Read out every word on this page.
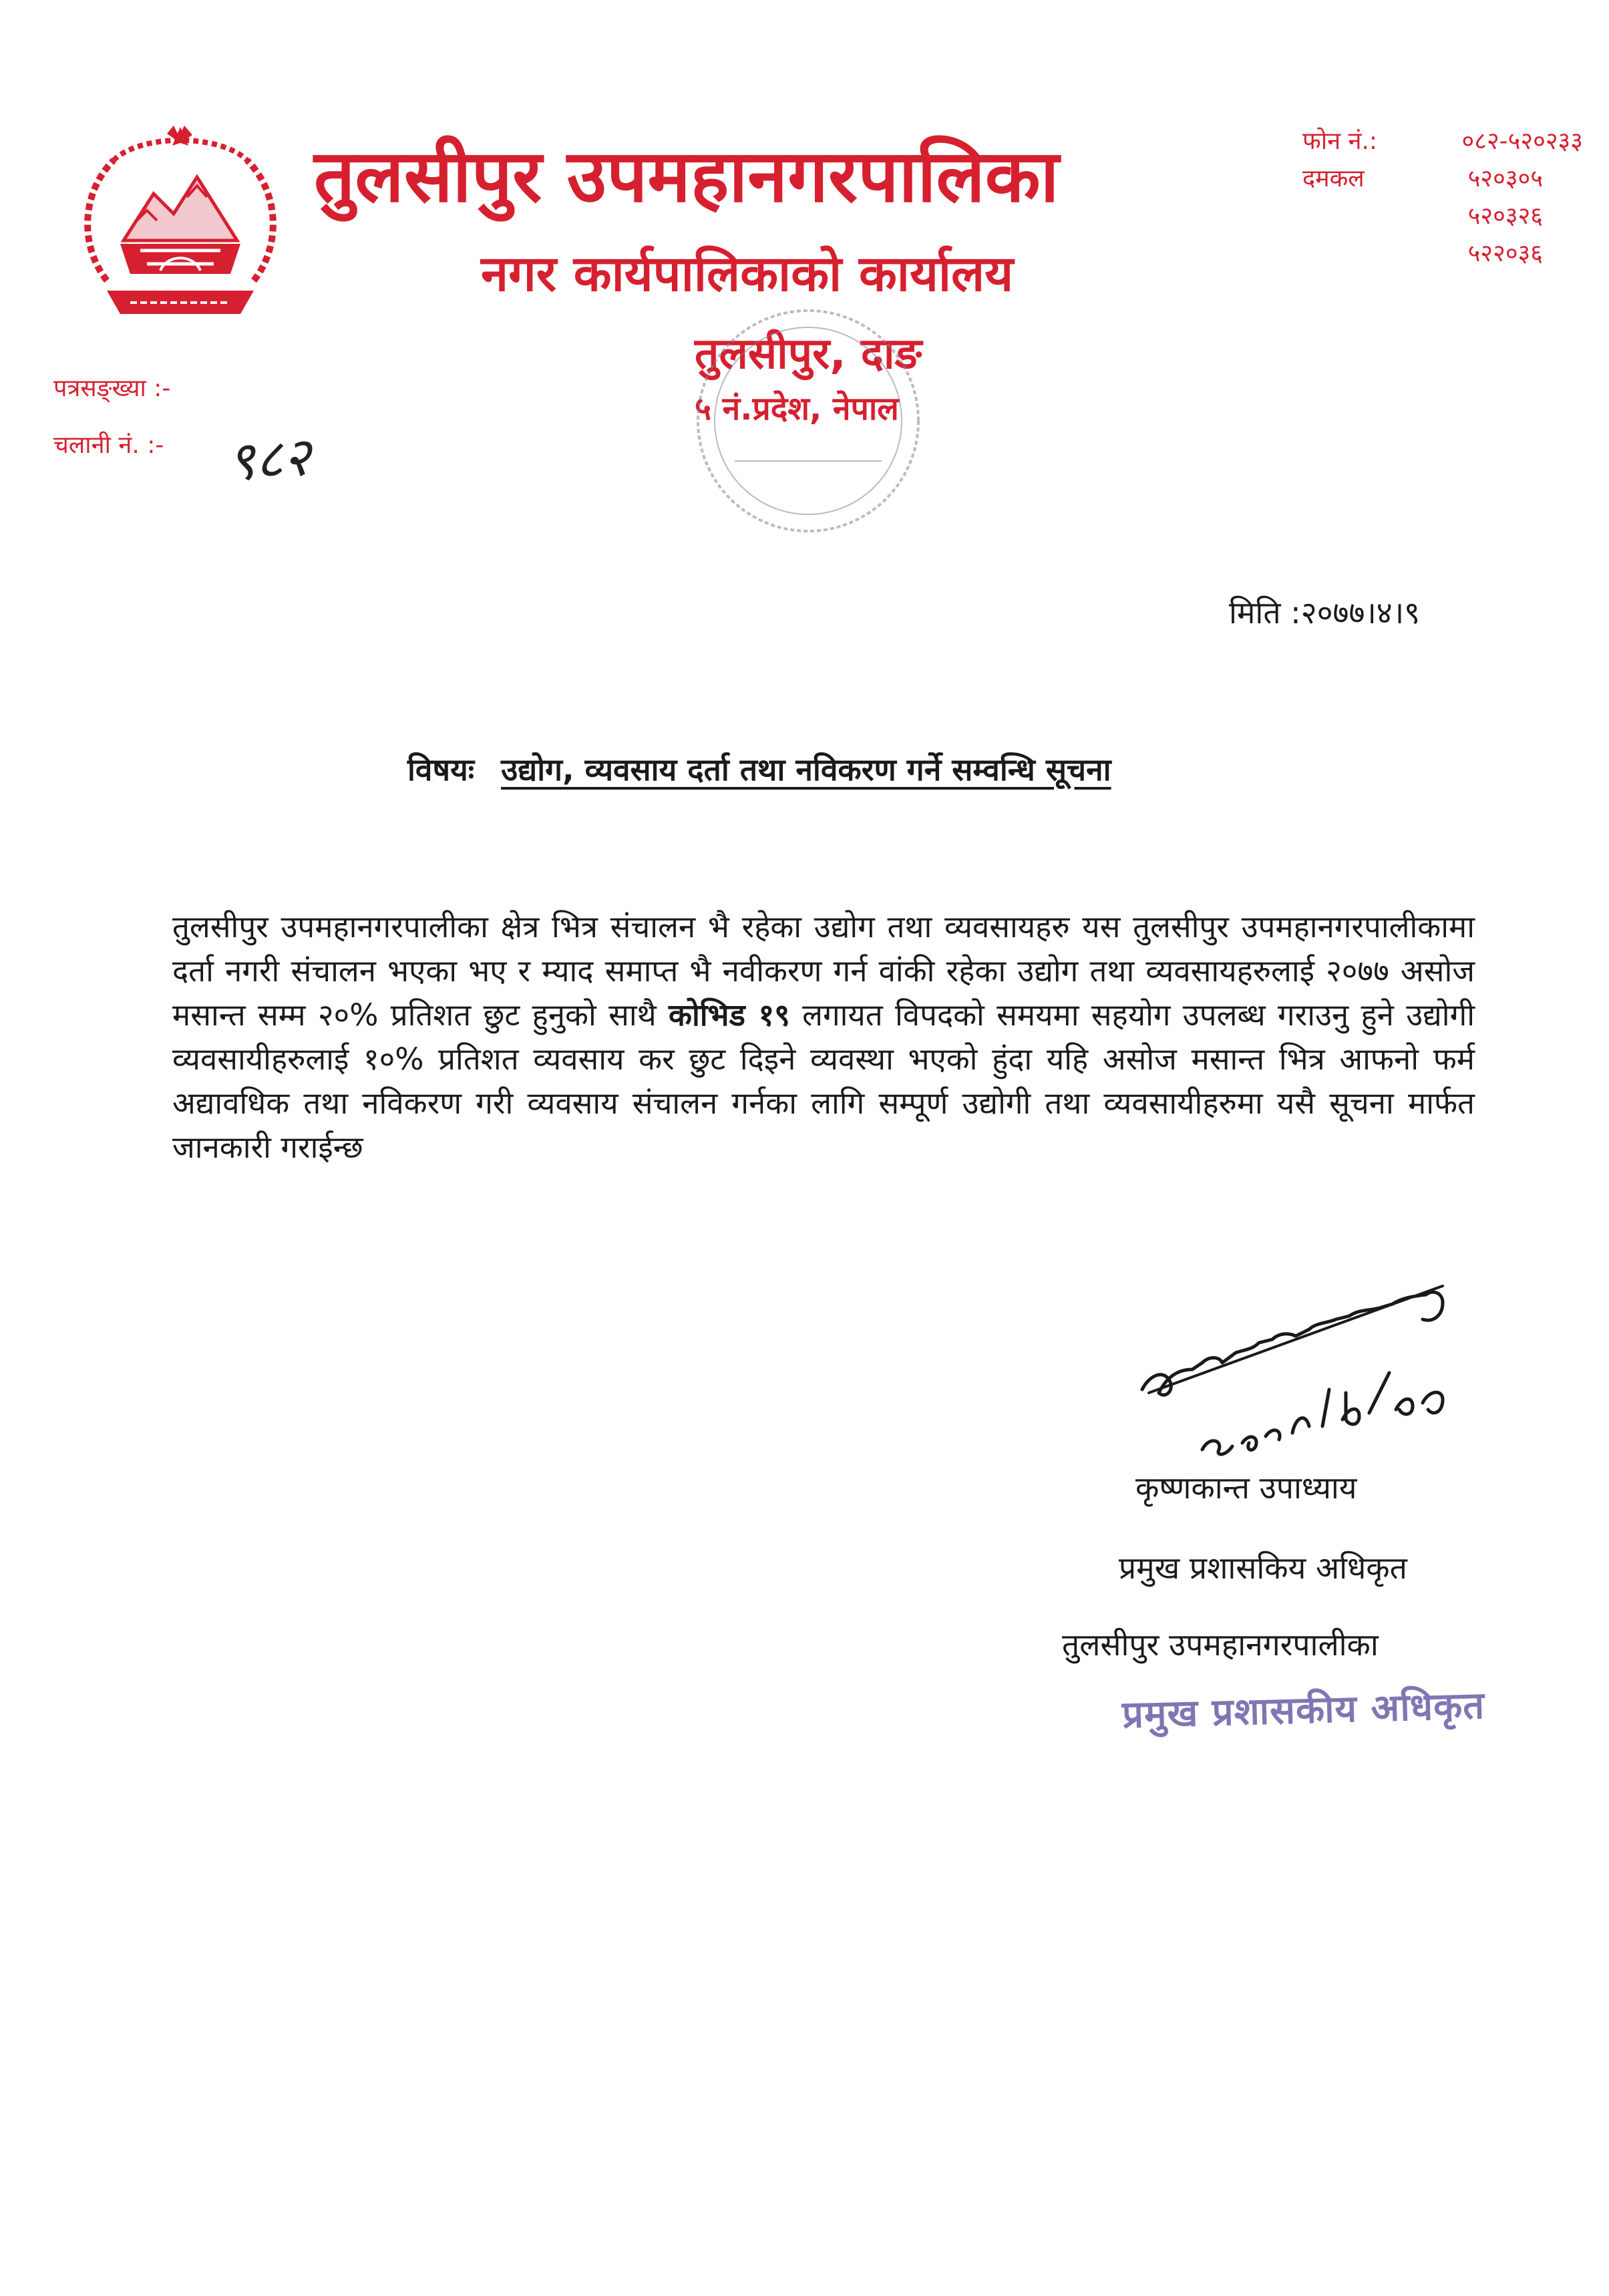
तुलसीपुर उपमहानगरपालिका
नगर कार्यपालिकाको कार्यालय
तुलसीपुर, दाङ
५ नं.प्रदेश, नेपाल
फोन नं.:	०८२-५२०२३३
दमकल	५२०३०५
५२०३२६
५२२०३६
पत्रसङ्ख्या :-
चलानी नं. :- ९८२
मिति :२०७७।४।९
विषयः उद्योग, व्यवसाय दर्ता तथा नविकरण गर्ने सम्वन्धि सूचना
तुलसीपुर उपमहानगरपालीका क्षेत्र भित्र संचालन भै रहेका उद्योग तथा व्यवसायहरु यस तुलसीपुर उपमहानगरपालीकामा दर्ता नगरी संचालन भएका भए र म्याद समाप्त भै नवीकरण गर्न वांकी रहेका उद्योग तथा व्यवसायहरुलाई २०७७ असोज मसान्त सम्म २०% प्रतिशत छुट हुनुको साथै कोभिड १९ लगायत विपदको समयमा सहयोग उपलब्ध गराउनु हुने उद्योगी व्यवसायीहरुलाई १०% प्रतिशत व्यवसाय कर छुट दिइने व्यवस्था भएको हुंदा यहि असोज मसान्त भित्र आफनो फर्म अद्यावधिक तथा नविकरण गरी व्यवसाय संचालन गर्नका लागि सम्पूर्ण उद्योगी तथा व्यवसायीहरुमा यसै सूचना मार्फत जानकारी गराईन्छ
कृष्णकान्त उपाध्याय
प्रमुख प्रशासकिय अधिकृत
तुलसीपुर उपमहानगरपालीका
प्रमुख प्रशासकीय अधिकृत
